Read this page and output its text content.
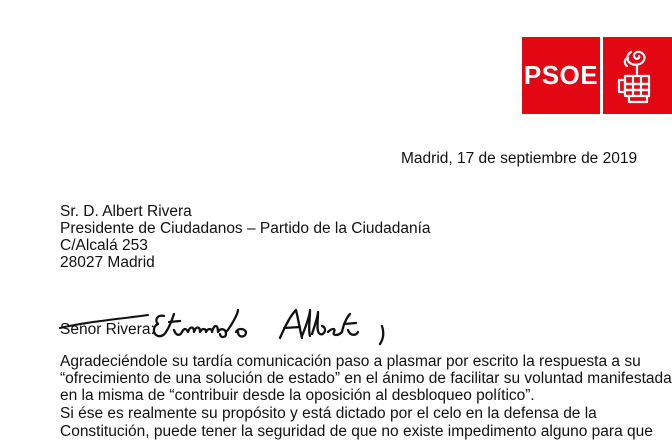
PSOE
Madrid, 17 de septiembre de 2019
Sr. D. Albert Rivera
Presidente de Ciudadanos – Partido de la Ciudadanía
C/Alcalá 253
28027 Madrid
Señor Rivera:
Agradeciéndole su tardía comunicación paso a plasmar por escrito la respuesta a su
“ofrecimiento de una solución de estado” en el ánimo de facilitar su voluntad manifestada
en la misma de “contribuir desde la oposición al desbloqueo político”.
Si ése es realmente su propósito y está dictado por el celo en la defensa de la
Constitución, puede tener la seguridad de que no existe impedimento alguno para que
